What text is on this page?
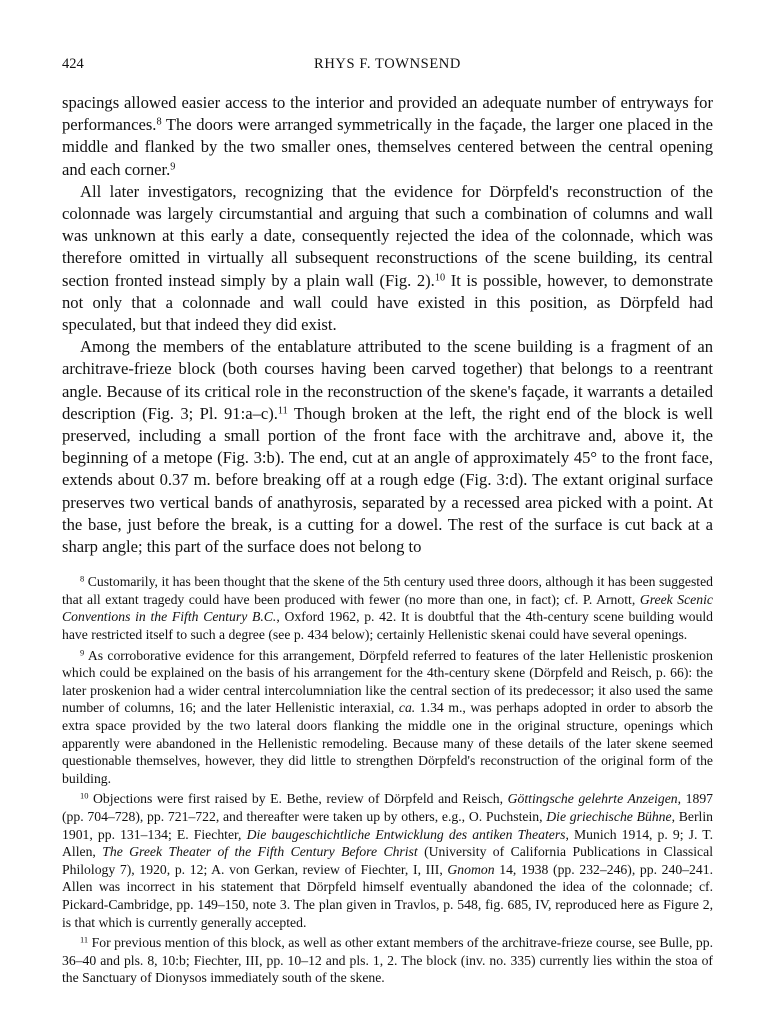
424	RHYS F. TOWNSEND

spacings allowed easier access to the interior and provided an adequate number of entryways for performances.$^8$ The doors were arranged symmetrically in the façade, the larger one placed in the middle and flanked by the two smaller ones, themselves centered between the central opening and each corner.$^9$

All later investigators, recognizing that the evidence for Dörpfeld's reconstruction of the colonnade was largely circumstantial and arguing that such a combination of columns and wall was unknown at this early a date, consequently rejected the idea of the colonnade, which was therefore omitted in virtually all subsequent reconstructions of the scene building, its central section fronted instead simply by a plain wall (Fig. 2).$^{10}$ It is possible, however, to demonstrate not only that a colonnade and wall could have existed in this position, as Dörpfeld had speculated, but that indeed they did exist.

Among the members of the entablature attributed to the scene building is a fragment of an architrave-frieze block (both courses having been carved together) that belongs to a reentrant angle. Because of its critical role in the reconstruction of the skene's façade, it warrants a detailed description (Fig. 3; Pl. 91:a–c).$^{11}$ Though broken at the left, the right end of the block is well preserved, including a small portion of the front face with the architrave and, above it, the beginning of a metope (Fig. 3:b). The end, cut at an angle of approximately 45° to the front face, extends about 0.37 m. before breaking off at a rough edge (Fig. 3:d). The extant original surface preserves two vertical bands of anathyrosis, separated by a recessed area picked with a point. At the base, just before the break, is a cutting for a dowel. The rest of the surface is cut back at a sharp angle; this part of the surface does not belong to

$^8$ Customarily, it has been thought that the skene of the 5th century used three doors, although it has been suggested that all extant tragedy could have been produced with fewer (no more than one, in fact); cf. P. Arnott, Greek Scenic Conventions in the Fifth Century B.C., Oxford 1962, p. 42. It is doubtful that the 4th-century scene building would have restricted itself to such a degree (see p. 434 below); certainly Hellenistic skenai could have several openings.

$^9$ As corroborative evidence for this arrangement, Dörpfeld referred to features of the later Hellenistic proskenion which could be explained on the basis of his arrangement for the 4th-century skene (Dörpfeld and Reisch, p. 66): the later proskenion had a wider central intercolumniation like the central section of its predecessor; it also used the same number of columns, 16; and the later Hellenistic interaxial, ca. 1.34 m., was perhaps adopted in order to absorb the extra space provided by the two lateral doors flanking the middle one in the original structure, openings which apparently were abandoned in the Hellenistic remodeling. Because many of these details of the later skene seemed questionable themselves, however, they did little to strengthen Dörpfeld's reconstruction of the original form of the building.

$^{10}$ Objections were first raised by E. Bethe, review of Dörpfeld and Reisch, Göttingsche gelehrte Anzeigen, 1897 (pp. 704–728), pp. 721–722, and thereafter were taken up by others, e.g., O. Puchstein, Die griechische Bühne, Berlin 1901, pp. 131–134; E. Fiechter, Die baugeschichtliche Entwicklung des antiken Theaters, Munich 1914, p. 9; J. T. Allen, The Greek Theater of the Fifth Century Before Christ (University of California Publications in Classical Philology 7), 1920, p. 12; A. von Gerkan, review of Fiechter, I, III, Gnomon 14, 1938 (pp. 232–246), pp. 240–241. Allen was incorrect in his statement that Dörpfeld himself eventually abandoned the idea of the colonnade; cf. Pickard-Cambridge, pp. 149–150, note 3. The plan given in Travlos, p. 548, fig. 685, IV, reproduced here as Figure 2, is that which is currently generally accepted.

$^{11}$ For previous mention of this block, as well as other extant members of the architrave-frieze course, see Bulle, pp. 36–40 and pls. 8, 10:b; Fiechter, III, pp. 10–12 and pls. 1, 2. The block (inv. no. 335) currently lies within the stoa of the Sanctuary of Dionysos immediately south of the skene.
